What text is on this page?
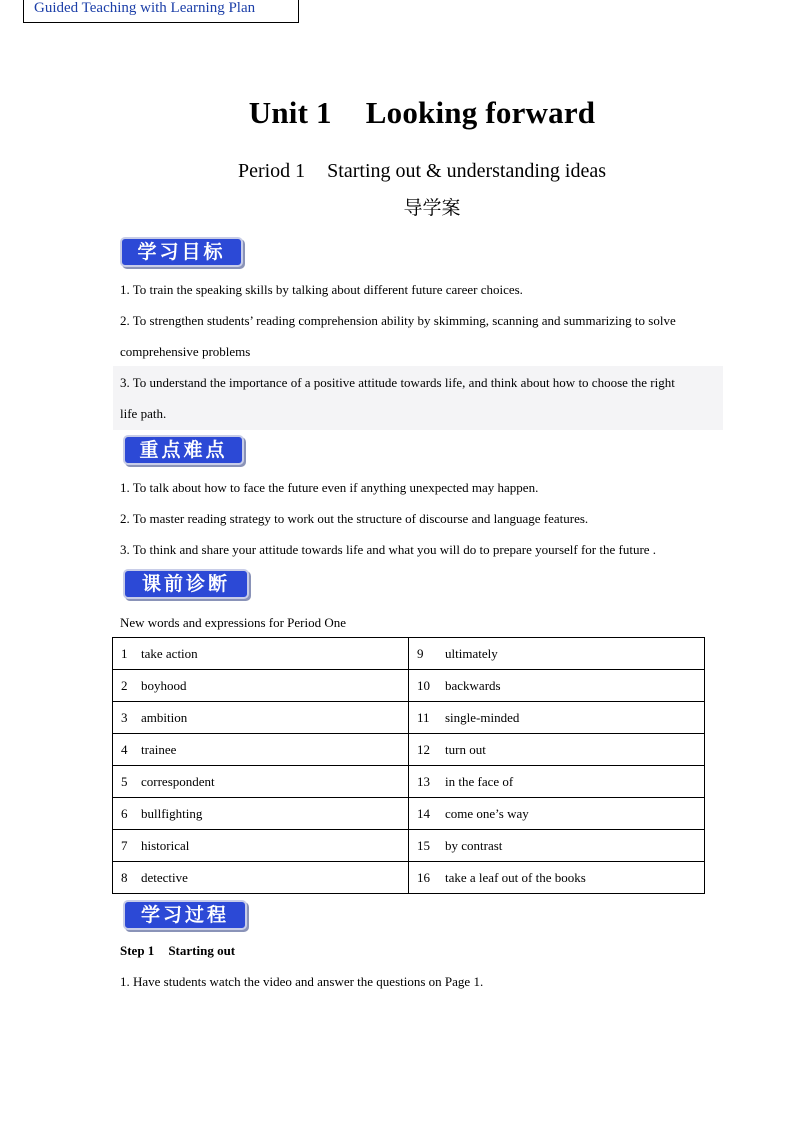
Guided Teaching with Learning Plan
Unit 1 Looking forward
Period 1 Starting out & understanding ideas
导学案
学习目标
1. To train the speaking skills by talking about different future career choices.
2. To strengthen students’ reading comprehension ability by skimming, scanning and summarizing to solve
comprehensive problems
3. To understand the importance of a positive attitude towards life, and think about how to choose the right
life path.
重点难点
1. To talk about how to face the future even if anything unexpected may happen.
2. To master reading strategy to work out the structure of discourse and language features.
3. To think and share your attitude towards life and what you will do to prepare yourself for the future .
课前诊断
New words and expressions for Period One
1 take action	9 ultimately
2 boyhood	10 backwards
3 ambition	11 single-minded
4 trainee	12 turn out
5 correspondent	13 in the face of
6 bullfighting	14 come one’s way
7 historical	15 by contrast
8 detective	16 take a leaf out of the books
学习过程
Step 1 Starting out
1. Have students watch the video and answer the questions on Page 1.
